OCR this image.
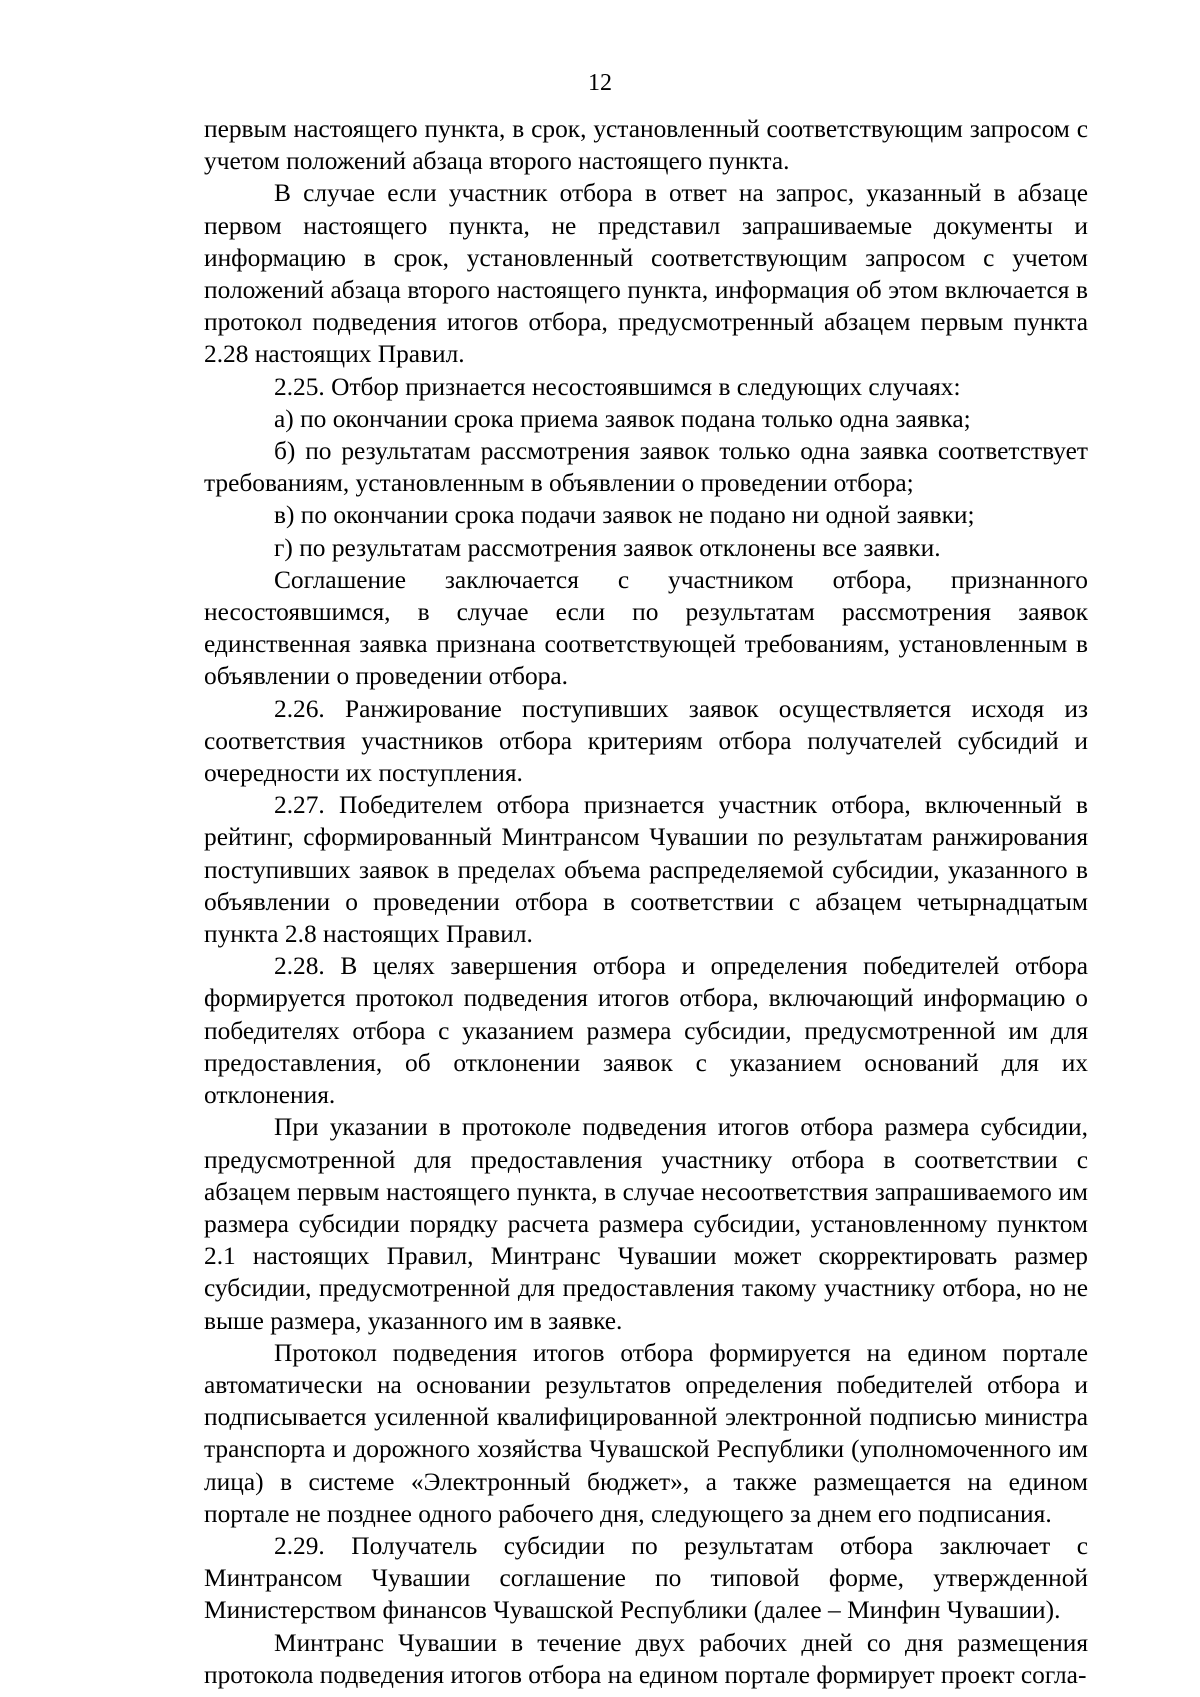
12

первым настоящего пункта, в срок, установленный соответствующим запросом с учетом положений абзаца второго настоящего пункта.

В случае если участник отбора в ответ на запрос, указанный в абзаце первом настоящего пункта, не представил запрашиваемые документы и информацию в срок, установленный соответствующим запросом с учетом положений абзаца второго настоящего пункта, информация об этом включается в протокол подведения итогов отбора, предусмотренный абзацем первым пункта 2.28 настоящих Правил.

2.25. Отбор признается несостоявшимся в следующих случаях:

а) по окончании срока приема заявок подана только одна заявка;

б) по результатам рассмотрения заявок только одна заявка соответствует требованиям, установленным в объявлении о проведении отбора;

в) по окончании срока подачи заявок не подано ни одной заявки;

г) по результатам рассмотрения заявок отклонены все заявки.

Соглашение заключается с участником отбора, признанного несостоявшимся, в случае если по результатам рассмотрения заявок единственная заявка признана соответствующей требованиям, установленным в объявлении о проведении отбора.

2.26. Ранжирование поступивших заявок осуществляется исходя из соответствия участников отбора критериям отбора получателей субсидий и очередности их поступления.

2.27. Победителем отбора признается участник отбора, включенный в рейтинг, сформированный Минтрансом Чувашии по результатам ранжирования поступивших заявок в пределах объема распределяемой субсидии, указанного в объявлении о проведении отбора в соответствии с абзацем четырнадцатым пункта 2.8 настоящих Правил.

2.28. В целях завершения отбора и определения победителей отбора формируется протокол подведения итогов отбора, включающий информацию о победителях отбора с указанием размера субсидии, предусмотренной им для предоставления, об отклонении заявок с указанием оснований для их отклонения.

При указании в протоколе подведения итогов отбора размера субсидии, предусмотренной для предоставления участнику отбора в соответствии с абзацем первым настоящего пункта, в случае несоответствия запрашиваемого им размера субсидии порядку расчета размера субсидии, установленному пунктом 2.1 настоящих Правил, Минтранс Чувашии может скорректировать размер субсидии, предусмотренной для предоставления такому участнику отбора, но не выше размера, указанного им в заявке.

Протокол подведения итогов отбора формируется на едином портале автоматически на основании результатов определения победителей отбора и подписывается усиленной квалифицированной электронной подписью министра транспорта и дорожного хозяйства Чувашской Республики (уполномоченного им лица) в системе «Электронный бюджет», а также размещается на едином портале не позднее одного рабочего дня, следующего за днем его подписания.

2.29. Получатель субсидии по результатам отбора заключает с Минтрансом Чувашии соглашение по типовой форме, утвержденной Министерством финансов Чувашской Республики (далее – Минфин Чувашии).

Минтранс Чувашии в течение двух рабочих дней со дня размещения протокола подведения итогов отбора на едином портале формирует проект согла-
